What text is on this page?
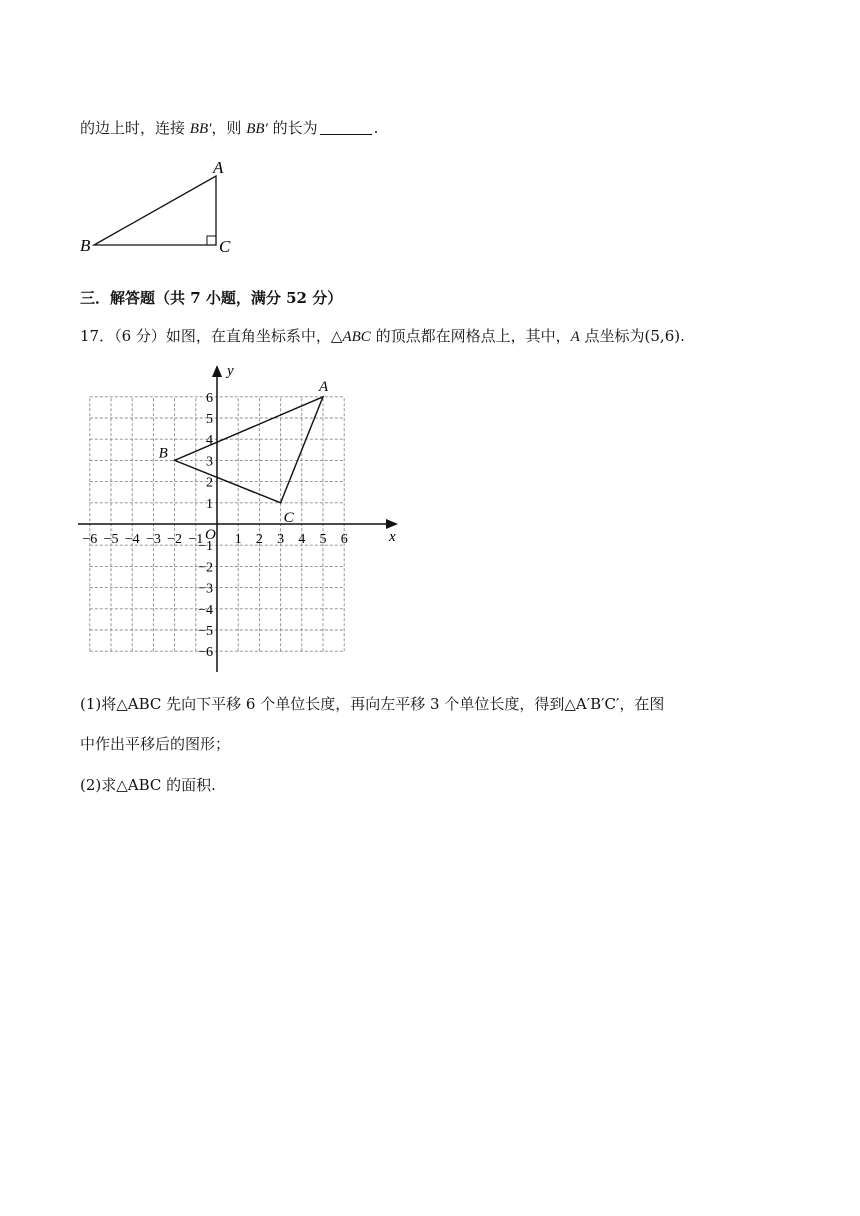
的边上时，连接 BB′，则 BB′ 的长为	.
A
B	C
三．解答题（共 7 小题，满分 52 分）
17．（6 分）如图，在直角坐标系中，△ABC 的顶点都在网格点上，其中，A 点坐标为(5,6).
x
y
O
−6 −5 −4 −3 −2 −1 1 2 3 4 5 6
6
5
4
3
2
1
−1
−2
−3
−4
−5
−6
A
B
C
(1)将△ABC 先向下平移 6 个单位长度，再向左平移 3 个单位长度，得到△A′B′C′，在图
中作出平移后的图形；
(2)求△ABC 的面积.
